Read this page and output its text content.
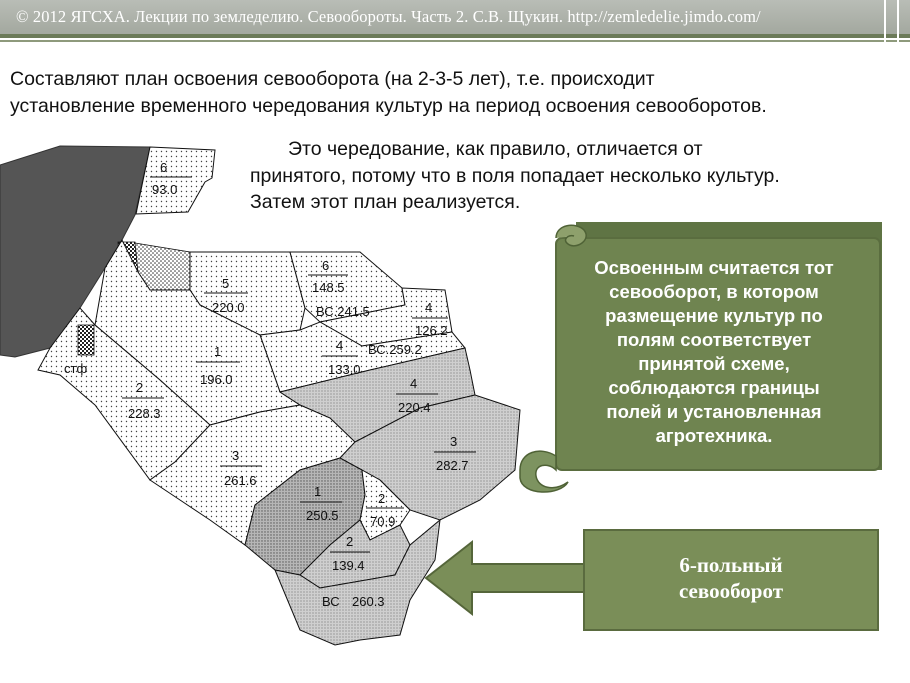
© 2012 ЯГСХА. Лекции по земледелию. Севообороты. Часть 2. С.В. Щукин. http://zemledelie.jimdo.com/

Составляют план освоения севооборота (на 2-3-5 лет), т.е. происходит
установление временного чередования культур на период освоения севооборотов.

6
93.0
5
220.0
6
148.5
ВС.241.5	4
126.2
ВС.259.2
1
196.0
4
133.0
2
228.3
4
220.4
3
261.6
3
282.7
1
250.5
2
70.9
2
139.4
ВС 260.3
стф

Это чередование, как правило, отличается от
принятого, потому что в поля попадает несколько культур.
Затем этот план реализуется.

Освоенным считается тот
севооборот, в котором
размещение культур по
полям соответствует
принятой схеме,
соблюдаются границы
полей и установленная
агротехника.

6-польный
севооборот
